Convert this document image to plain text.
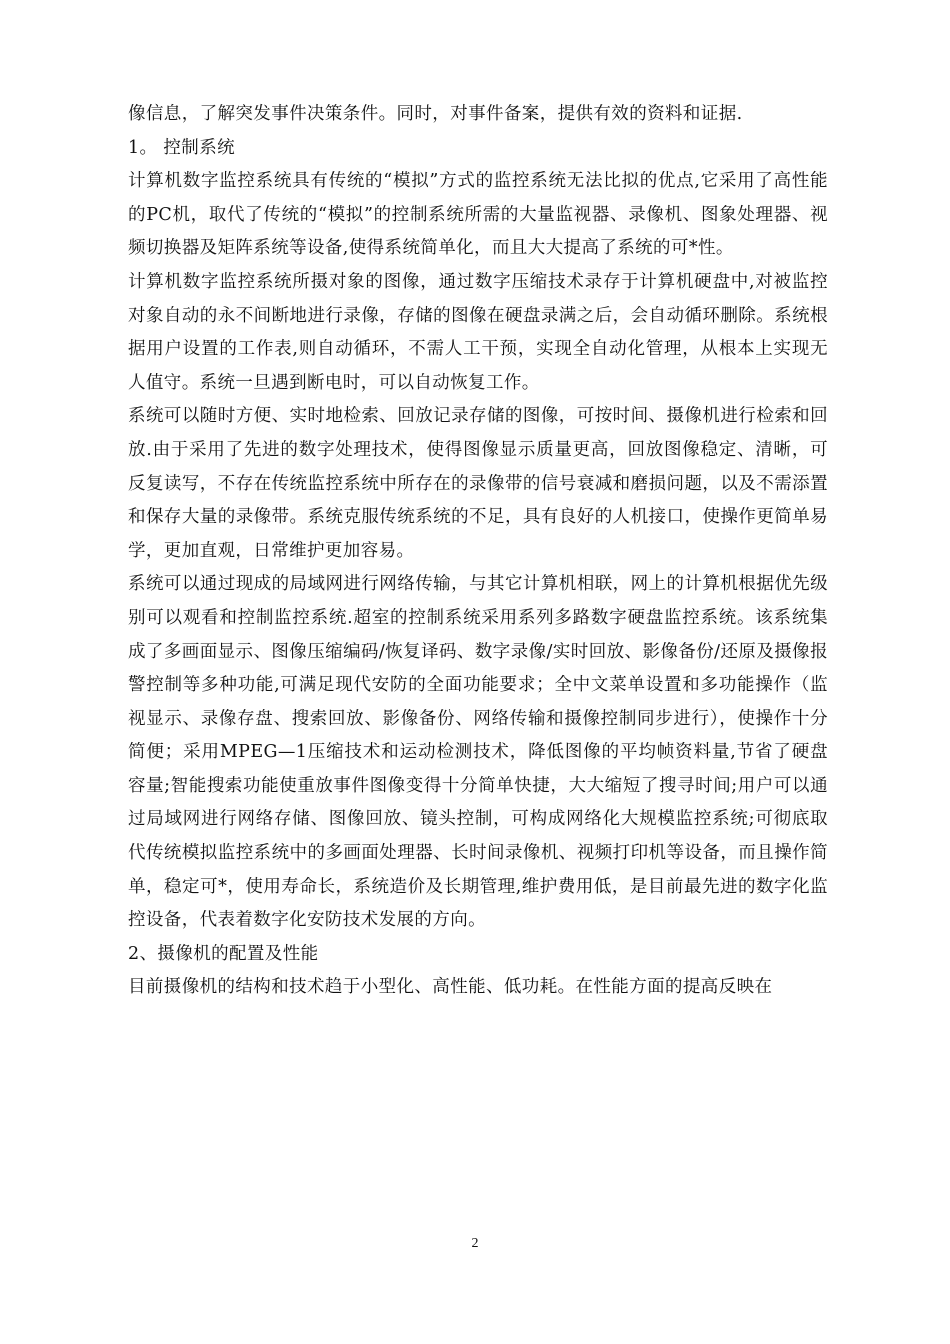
像信息，了解突发事件决策条件。同时，对事件备案，提供有效的资料和证据.

1。 控制系统

计算机数字监控系统具有传统的“模拟”方式的监控系统无法比拟的优点,它采用了高性能的PC机，取代了传统的“模拟”的控制系统所需的大量监视器、录像机、图象处理器、视频切换器及矩阵系统等设备,使得系统简单化，而且大大提高了系统的可*性。

计算机数字监控系统所摄对象的图像，通过数字压缩技术录存于计算机硬盘中,对被监控对象自动的永不间断地进行录像，存储的图像在硬盘录满之后，会自动循环删除。系统根据用户设置的工作表,则自动循环，不需人工干预，实现全自动化管理，从根本上实现无人值守。系统一旦遇到断电时，可以自动恢复工作。

系统可以随时方便、实时地检索、回放记录存储的图像，可按时间、摄像机进行检索和回放.由于采用了先进的数字处理技术，使得图像显示质量更高，回放图像稳定、清晰，可反复读写，不存在传统监控系统中所存在的录像带的信号衰减和磨损问题，以及不需添置和保存大量的录像带。系统克服传统系统的不足，具有良好的人机接口，使操作更简单易学，更加直观，日常维护更加容易。

系统可以通过现成的局域网进行网络传输，与其它计算机相联，网上的计算机根据优先级别可以观看和控制监控系统.超室的控制系统采用系列多路数字硬盘监控系统。该系统集成了多画面显示、图像压缩编码/恢复译码、数字录像/实时回放、影像备份/还原及摄像报警控制等多种功能,可满足现代安防的全面功能要求；全中文菜单设置和多功能操作（监视显示、录像存盘、搜索回放、影像备份、网络传输和摄像控制同步进行），使操作十分简便；采用MPEG—1压缩技术和运动检测技术，降低图像的平均帧资料量,节省了硬盘容量;智能搜索功能使重放事件图像变得十分简单快捷，大大缩短了搜寻时间;用户可以通过局域网进行网络存储、图像回放、镜头控制，可构成网络化大规模监控系统;可彻底取代传统模拟监控系统中的多画面处理器、长时间录像机、视频打印机等设备，而且操作简单，稳定可*，使用寿命长，系统造价及长期管理,维护费用低，是目前最先进的数字化监控设备，代表着数字化安防技术发展的方向。

2、摄像机的配置及性能

目前摄像机的结构和技术趋于小型化、高性能、低功耗。在性能方面的提高反映在

2
